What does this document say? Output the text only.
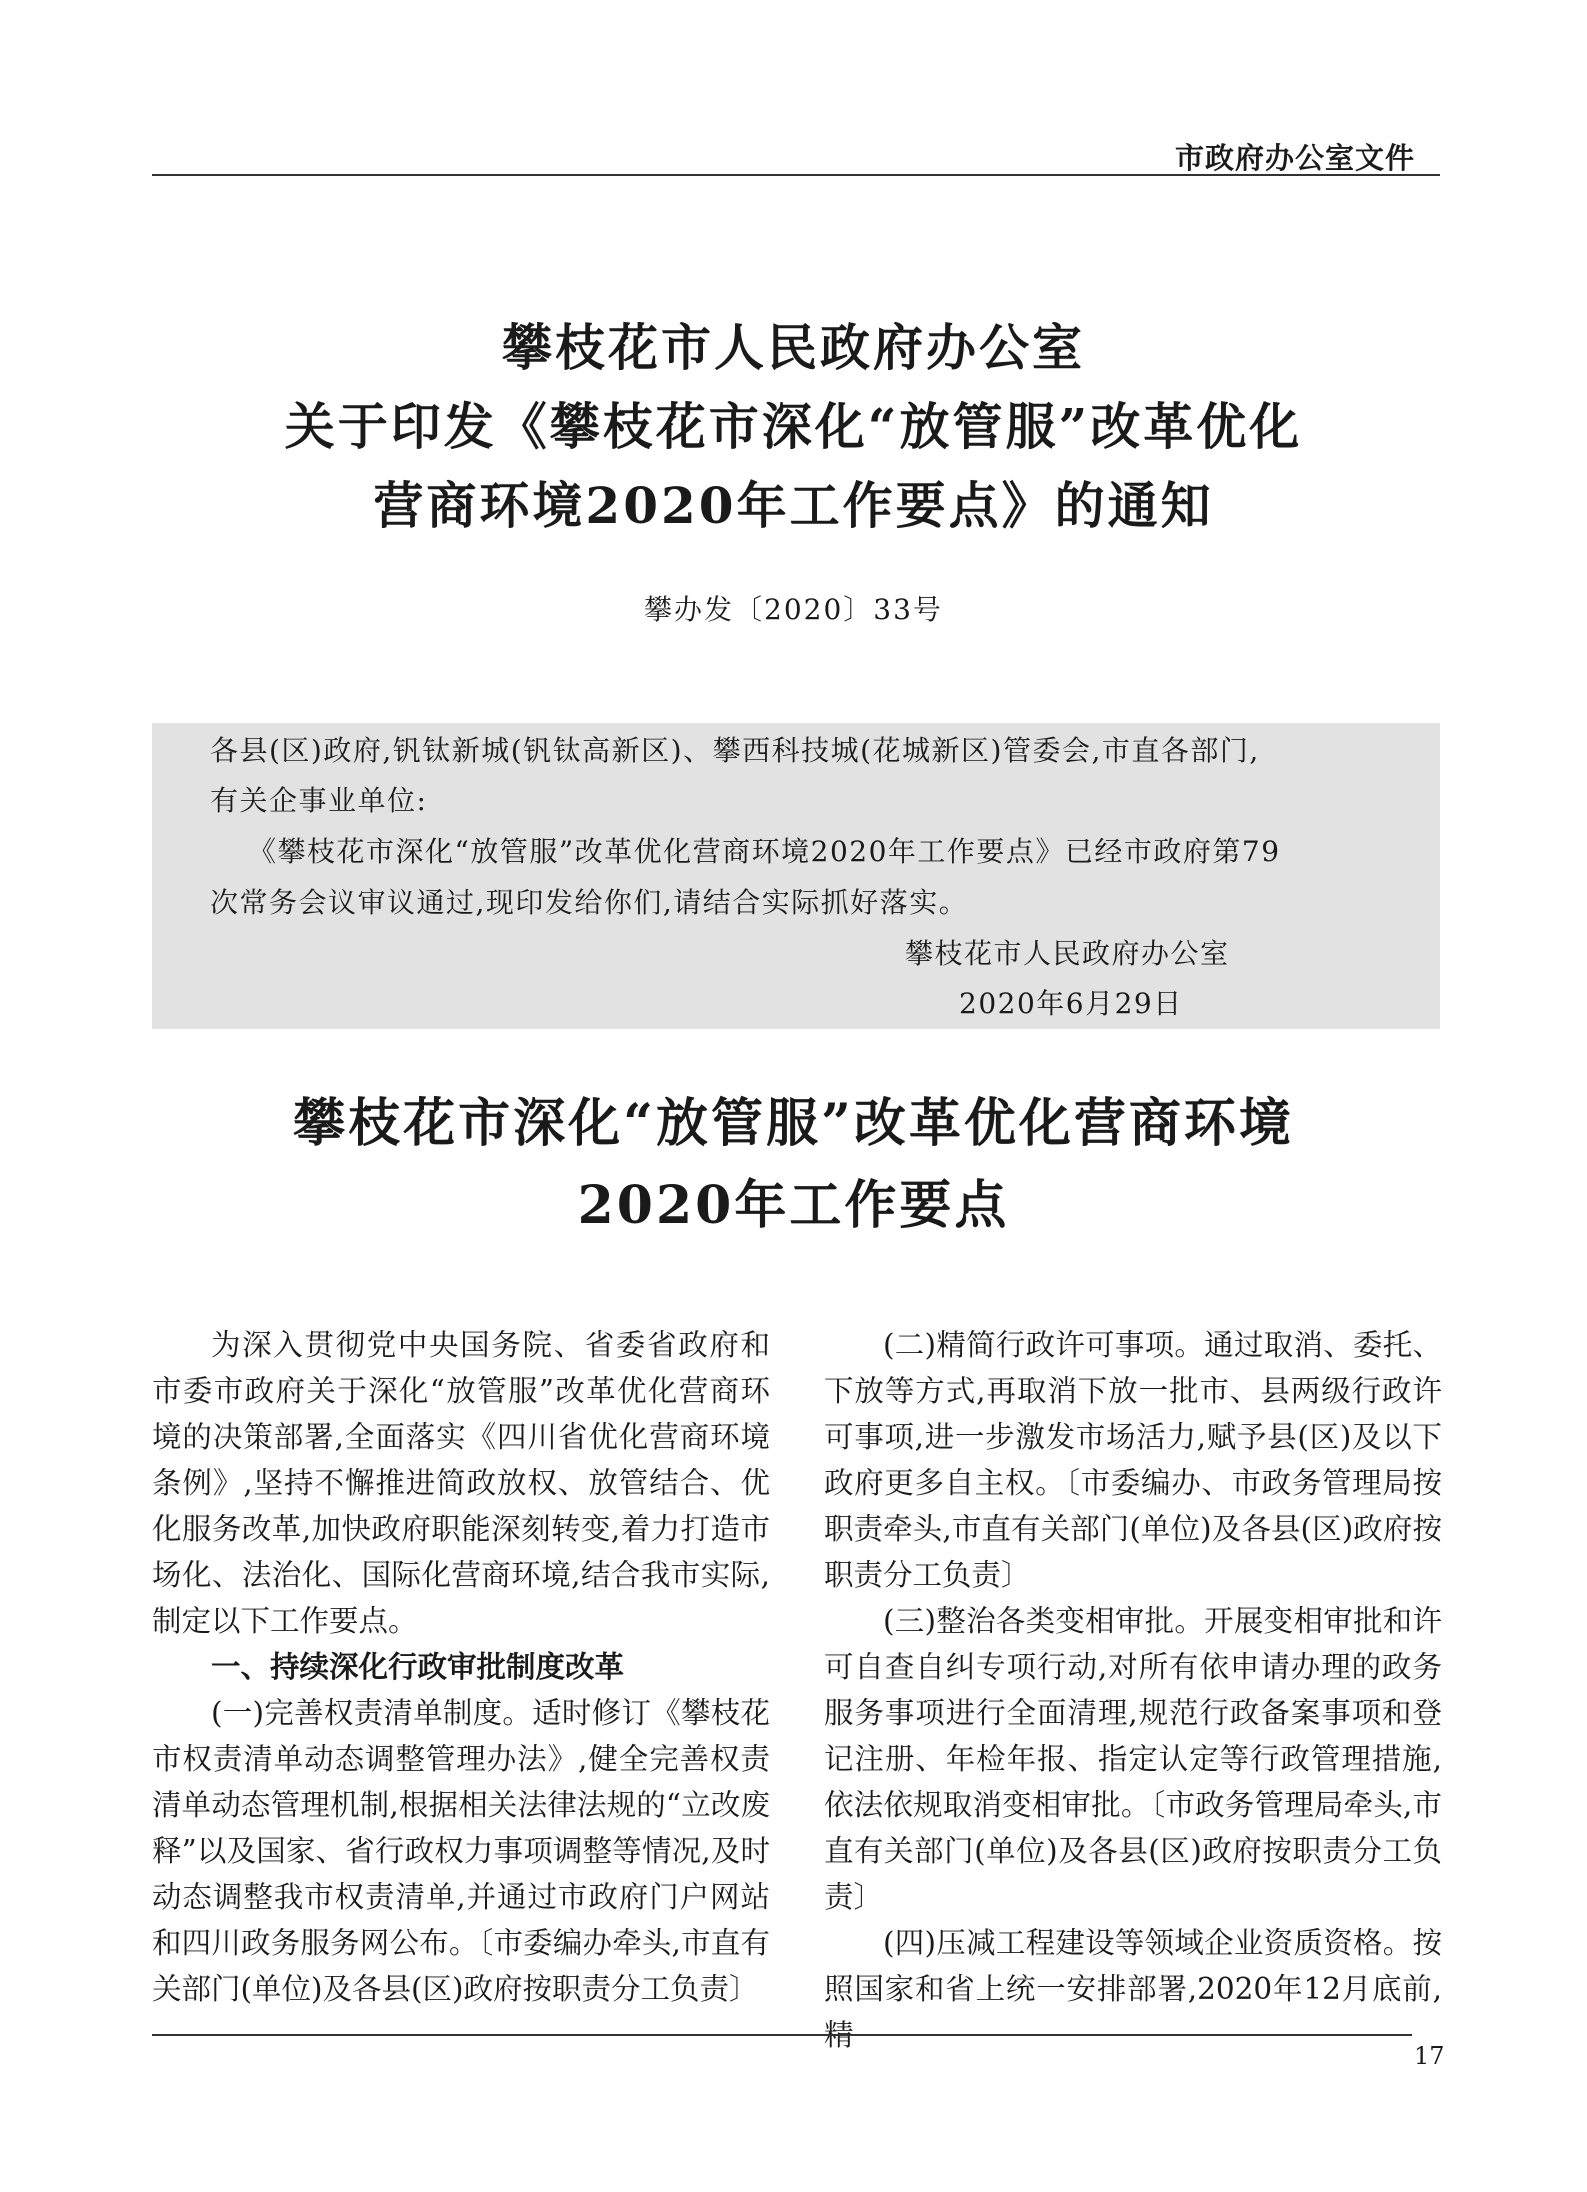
市政府办公室文件
攀枝花市人民政府办公室
关于印发《攀枝花市深化“放管服”改革优化
营商环境2020年工作要点》的通知
攀办发〔2020〕33号

各县(区)政府,钒钛新城(钒钛高新区)、攀西科技城(花城新区)管委会,市直各部门,

有关企事业单位:

《攀枝花市深化“放管服”改革优化营商环境2020年工作要点》已经市政府第79

次常务会议审议通过,现印发给你们,请结合实际抓好落实。

攀枝花市人民政府办公室

2020年6月29日

攀枝花市深化“放管服”改革优化营商环境
2020年工作要点

为深入贯彻党中央国务院、省委省政府和市委市政府关于深化“放管服”改革优化营商环境的决策部署,全面落实《四川省优化营商环境条例》,坚持不懈推进简政放权、放管结合、优化服务改革,加快政府职能深刻转变,着力打造市场化、法治化、国际化营商环境,结合我市实际,制定以下工作要点。

一、持续深化行政审批制度改革

(一)完善权责清单制度。适时修订《攀枝花市权责清单动态调整管理办法》,健全完善权责清单动态管理机制,根据相关法律法规的“立改废释”以及国家、省行政权力事项调整等情况,及时动态调整我市权责清单,并通过市政府门户网站和四川政务服务网公布。〔市委编办牵头,市直有关部门(单位)及各县(区)政府按职责分工负责〕

(二)精简行政许可事项。通过取消、委托、下放等方式,再取消下放一批市、县两级行政许可事项,进一步激发市场活力,赋予县(区)及以下政府更多自主权。〔市委编办、市政务管理局按职责牵头,市直有关部门(单位)及各县(区)政府按职责分工负责〕

(三)整治各类变相审批。开展变相审批和许可自查自纠专项行动,对所有依申请办理的政务服务事项进行全面清理,规范行政备案事项和登记注册、年检年报、指定认定等行政管理措施,依法依规取消变相审批。〔市政务管理局牵头,市直有关部门(单位)及各县(区)政府按职责分工负责〕

(四)压减工程建设等领域企业资质资格。按照国家和省上统一安排部署,2020年12月底前,精

17
